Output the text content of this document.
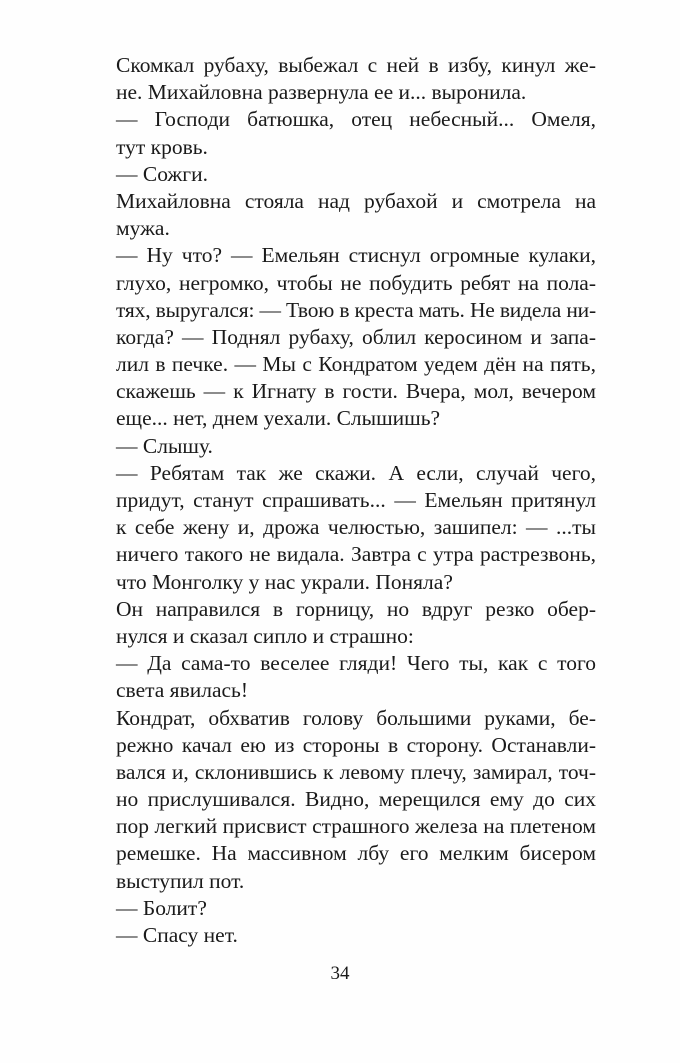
Скомкал рубаху, выбежал с ней в избу, кинул же-
не. Михайловна развернула ее и... выронила.
— Господи батюшка, отец небесный... Омеля,
тут кровь.
— Сожги.
Михайловна стояла над рубахой и смотрела на
мужа.
— Ну что? — Емельян стиснул огромные кулаки,
глухо, негромко, чтобы не побудить ребят на пола-
тях, выругался: — Твою в креста мать. Не видела ни-
когда? — Поднял рубаху, облил керосином и запа-
лил в печке. — Мы с Кондратом уедем дён на пять,
скажешь — к Игнату в гости. Вчера, мол, вечером
еще... нет, днем уехали. Слышишь?
— Слышу.
— Ребятам так же скажи. А если, случай чего,
придут, станут спрашивать... — Емельян притянул
к себе жену и, дрожа челюстью, зашипел: — ...ты
ничего такого не видала. Завтра с утра растрезвонь,
что Монголку у нас украли. Поняла?
Он направился в горницу, но вдруг резко обер-
нулся и сказал сипло и страшно:
— Да сама-то веселее гляди! Чего ты, как с того
света явилась!
Кондрат, обхватив голову большими руками, бе-
режно качал ею из стороны в сторону. Останавли-
вался и, склонившись к левому плечу, замирал, точ-
но прислушивался. Видно, мерещился ему до сих
пор легкий присвист страшного железа на плетеном
ремешке. На массивном лбу его мелким бисером
выступил пот.
— Болит?
— Спасу нет.
34
